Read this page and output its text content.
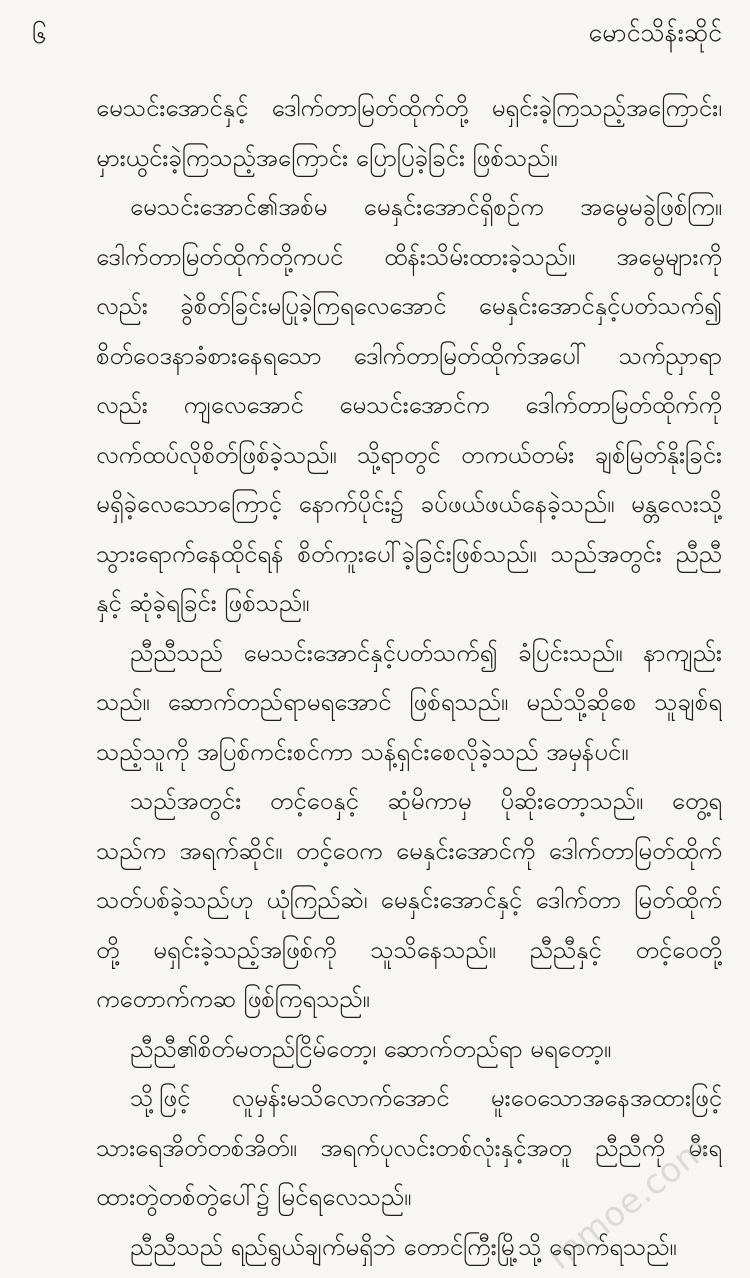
၆	မောင်သိန်းဆိုင်
မေသင်းအောင်နှင့် ဒေါက်တာမြတ်ထိုက်တို့ မရှင်းခဲ့ကြသည့်အကြောင်း၊
မှားယွင်းခဲ့ကြသည့်အကြောင်း ပြောပြခဲ့ခြင်း ဖြစ်သည်။
မေသင်းအောင်၏အစ်မ မေနှင်းအောင်ရှိစဉ်က အမွေမခွဲဖြစ်ကြ။
ဒေါက်တာမြတ်ထိုက်တို့ကပင် ထိန်းသိမ်းထားခဲ့သည်။ အမွေများကို
လည်း ခွဲစိတ်ခြင်းမပြုခဲ့ကြရလေအောင် မေနှင်းအောင်နှင့်ပတ်သက်၍
စိတ်ဝေဒနာခံစားနေရသော ဒေါက်တာမြတ်ထိုက်အပေါ် သက်ညှာရာ
လည်း ကျလေအောင် မေသင်းအောင်က ဒေါက်တာမြတ်ထိုက်ကို
လက်ထပ်လိုစိတ်ဖြစ်ခဲ့သည်။ သို့ရာတွင် တကယ်တမ်း ချစ်မြတ်နိုးခြင်း
မရှိခဲ့လေသောကြောင့် နောက်ပိုင်း၌ ခပ်ဖယ်ဖယ်နေခဲ့သည်။ မန္တလေးသို့
သွားရောက်နေထိုင်ရန် စိတ်ကူးပေါ်ခဲ့ခြင်းဖြစ်သည်။ သည်အတွင်း ညီညီ
နှင့် ဆုံခဲ့ရခြင်း ဖြစ်သည်။
ညီညီသည် မေသင်းအောင်နှင့်ပတ်သက်၍ ခံပြင်းသည်။ နာကျည်း
သည်။ ဆောက်တည်ရာမရအောင် ဖြစ်ရသည်။ မည်သို့ဆိုစေ သူချစ်ရ
သည့်သူကို အပြစ်ကင်းစင်ကာ သန့်ရှင်းစေလိုခဲ့သည် အမှန်ပင်။
သည်အတွင်း တင့်ဝေနှင့် ဆုံမိကာမှ ပိုဆိုးတော့သည်။ တွေ့ရ
သည်က အရက်ဆိုင်။ တင့်ဝေက မေနှင်းအောင်ကို ဒေါက်တာမြတ်ထိုက်
သတ်ပစ်ခဲ့သည်ဟု ယုံကြည်ဆဲ၊ မေနှင်းအောင်နှင့် ဒေါက်တာ မြတ်ထိုက်
တို့ မရှင်းခဲ့သည့်အဖြစ်ကို သူသိနေသည်။ ညီညီနှင့် တင့်ဝေတို့
ကတောက်ကဆ ဖြစ်ကြရသည်။
ညီညီ၏စိတ်မတည်ငြိမ်တော့၊ ဆောက်တည်ရာ မရတော့။
သို့ဖြင့် လူမှန်းမသိလောက်အောင် မူးဝေသောအနေအထားဖြင့်
သားရေအိတ်တစ်အိတ်။ အရက်ပုလင်းတစ်လုံးနှင့်အတူ ညီညီကို မီးရ
ထားတွဲတစ်တွဲပေါ်၌ မြင်ရလေသည်။
ညီညီသည် ရည်ရွယ်ချက်မရှိဘဲ တောင်ကြီးမြို့သို့ ရောက်ရသည်။
mmoe.com
